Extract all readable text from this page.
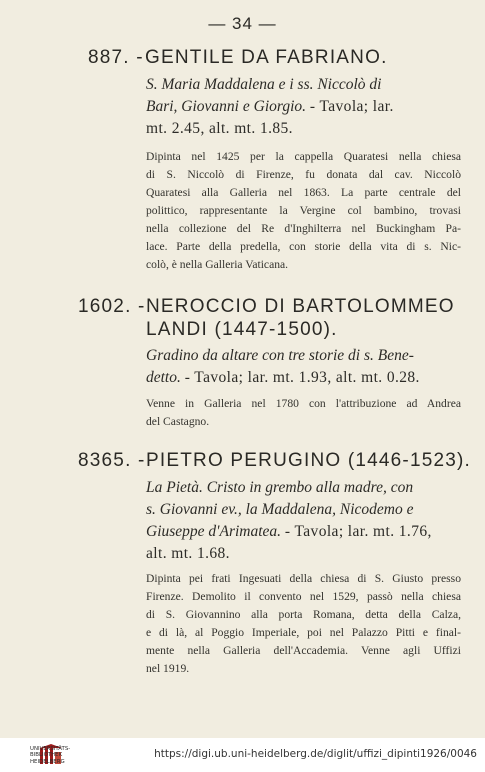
— 34 —
887. - GENTILE DA FABRIANO.
S. Maria Maddalena e i ss. Niccolò di
Bari, Giovanni e Giorgio. - Tavola; lar.
mt. 2.45, alt. mt. 1.85.
Dipinta nel 1425 per la cappella Quaratesi nella chiesa
di S. Niccolò di Firenze, fu donata dal cav. Niccolò
Quaratesi alla Galleria nel 1863. La parte centrale del
polittico, rappresentante la Vergine col bambino, trovasi
nella collezione del Re d'Inghilterra nel Buckingham Pa-
lace. Parte della predella, con storie della vita di s. Nic-
colò, è nella Galleria Vaticana.
1602. - NEROCCIO DI BARTOLOMMEO
LANDI (1447-1500).
Gradino da altare con tre storie di s. Bene-
detto. - Tavola; lar. mt. 1.93, alt. mt. 0.28.
Venne in Galleria nel 1780 con l'attribuzione ad Andrea
del Castagno.
8365. - PIETRO PERUGINO (1446-1523).
La Pietà. Cristo in grembo alla madre, con
s. Giovanni ev., la Maddalena, Nicodemo e
Giuseppe d'Arimatea. - Tavola; lar. mt. 1.76,
alt. mt. 1.68.
Dipinta pei frati Ingesuati della chiesa di S. Giusto presso
Firenze. Demolito il convento nel 1529, passò nella chiesa
di S. Giovannino alla porta Romana, detta della Calza,
e di là, al Poggio Imperiale, poi nel Palazzo Pitti e final-
mente nella Galleria dell'Accademia. Venne agli Uffizi
nel 1919.
UNIVERSITÄTS-
BIBLIOTHEK
HEIDELBERG
https://digi.ub.uni-heidelberg.de/diglit/uffizi_dipinti1926/0046
